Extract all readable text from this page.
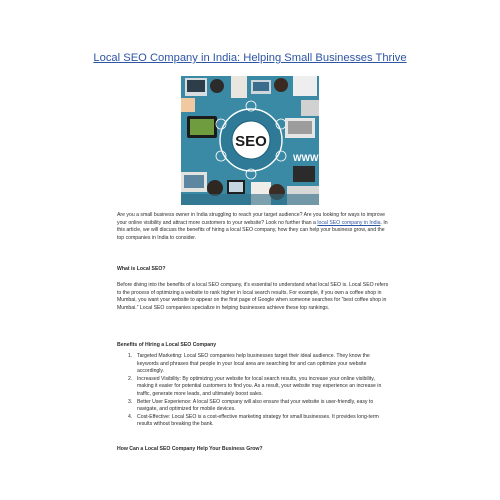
Local SEO Company in India: Helping Small Businesses Thrive
SEO
WWW

Are you a small business owner in India struggling to reach your target audience? Are you looking for ways to improve your online visibility and attract more customers to your website? Look no further than a local SEO company in India. In this article, we will discuss the benefits of hiring a local SEO company, how they can help your business grow, and the top companies in India to consider.

What is Local SEO?

Before diving into the benefits of a local SEO company, it's essential to understand what local SEO is. Local SEO refers to the process of optimizing a website to rank higher in local search results. For example, if you own a coffee shop in Mumbai, you want your website to appear on the first page of Google when someone searches for “best coffee shop in Mumbai.” Local SEO companies specialize in helping businesses achieve these top rankings.

Benefits of Hiring a Local SEO Company

1. Targeted Marketing: Local SEO companies help businesses target their ideal audience. They know the keywords and phrases that people in your local area are searching for and can optimize your website accordingly.
2. Increased Visibility: By optimizing your website for local search results, you increase your online visibility, making it easier for potential customers to find you. As a result, your website may experience an increase in traffic, generate more leads, and ultimately boost sales.
3. Better User Experience: A local SEO company will also ensure that your website is user-friendly, easy to navigate, and optimized for mobile devices.
4. Cost-Effective: Local SEO is a cost-effective marketing strategy for small businesses. It provides long-term results without breaking the bank.

How Can a Local SEO Company Help Your Business Grow?
